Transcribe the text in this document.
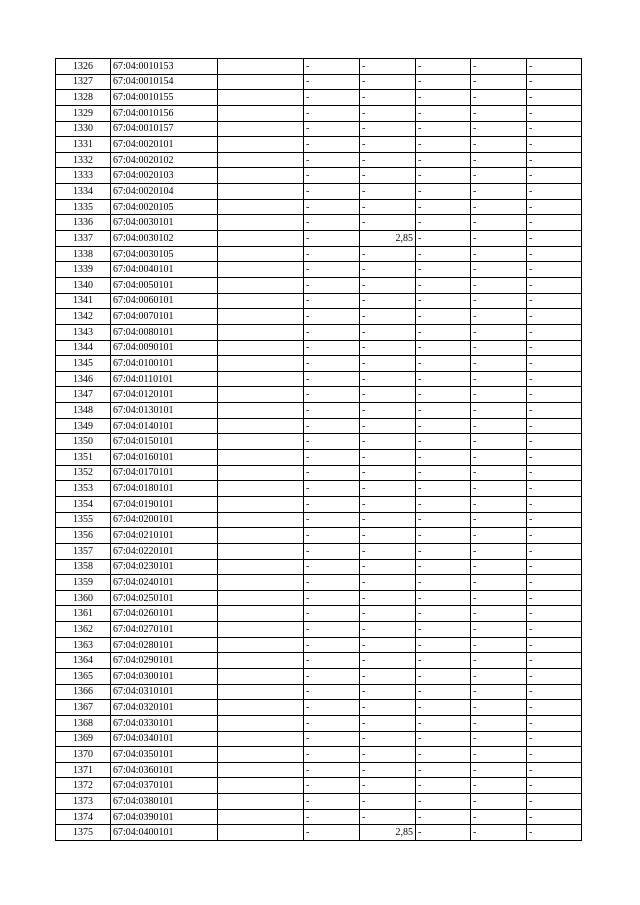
1326	67:04:0010153		-	-	-	-	-
1327	67:04:0010154		-	-	-	-	-
1328	67:04:0010155		-	-	-	-	-
1329	67:04:0010156		-	-	-	-	-
1330	67:04:0010157		-	-	-	-	-
1331	67:04:0020101		-	-	-	-	-
1332	67:04:0020102		-	-	-	-	-
1333	67:04:0020103		-	-	-	-	-
1334	67:04:0020104		-	-	-	-	-
1335	67:04:0020105		-	-	-	-	-
1336	67:04:0030101		-	-	-	-	-
1337	67:04:0030102		-	2,85	-	-	-
1338	67:04:0030105		-	-	-	-	-
1339	67:04:0040101		-	-	-	-	-
1340	67:04:0050101		-	-	-	-	-
1341	67:04:0060101		-	-	-	-	-
1342	67:04:0070101		-	-	-	-	-
1343	67:04:0080101		-	-	-	-	-
1344	67:04:0090101		-	-	-	-	-
1345	67:04:0100101		-	-	-	-	-
1346	67:04:0110101		-	-	-	-	-
1347	67:04:0120101		-	-	-	-	-
1348	67:04:0130101		-	-	-	-	-
1349	67:04:0140101		-	-	-	-	-
1350	67:04:0150101		-	-	-	-	-
1351	67:04:0160101		-	-	-	-	-
1352	67:04:0170101		-	-	-	-	-
1353	67:04:0180101		-	-	-	-	-
1354	67:04:0190101		-	-	-	-	-
1355	67:04:0200101		-	-	-	-	-
1356	67:04:0210101		-	-	-	-	-
1357	67:04:0220101		-	-	-	-	-
1358	67:04:0230101		-	-	-	-	-
1359	67:04:0240101		-	-	-	-	-
1360	67:04:0250101		-	-	-	-	-
1361	67:04:0260101		-	-	-	-	-
1362	67:04:0270101		-	-	-	-	-
1363	67:04:0280101		-	-	-	-	-
1364	67:04:0290101		-	-	-	-	-
1365	67:04:0300101		-	-	-	-	-
1366	67:04:0310101		-	-	-	-	-
1367	67:04:0320101		-	-	-	-	-
1368	67:04:0330101		-	-	-	-	-
1369	67:04:0340101		-	-	-	-	-
1370	67:04:0350101		-	-	-	-	-
1371	67:04:0360101		-	-	-	-	-
1372	67:04:0370101		-	-	-	-	-
1373	67:04:0380101		-	-	-	-	-
1374	67:04:0390101		-	-	-	-	-
1375	67:04:0400101		-	2,85	-	-	-
